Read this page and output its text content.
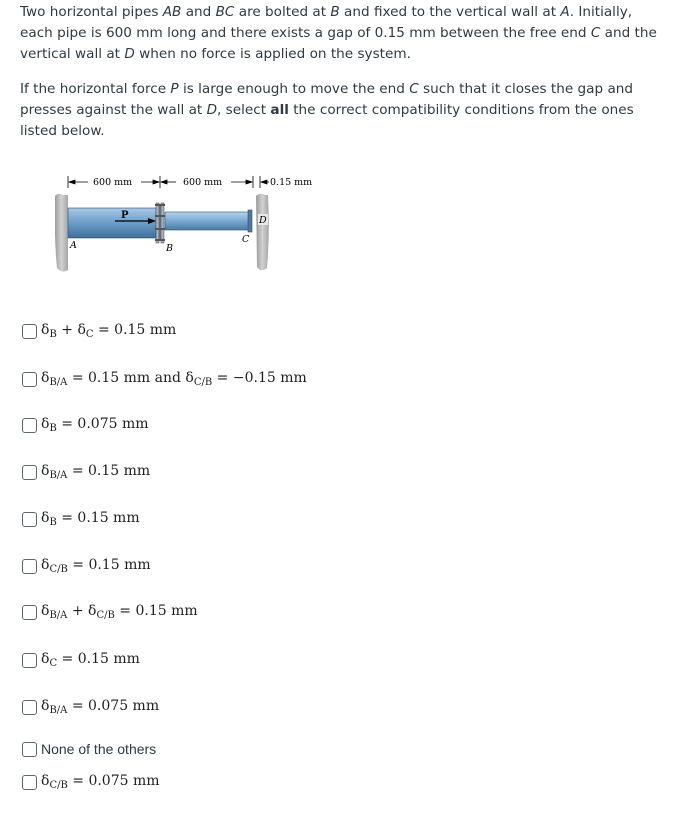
Two horizontal pipes AB and BC are bolted at B and fixed to the vertical wall at A. Initially, each pipe is 600 mm long and there exists a gap of 0.15 mm between the free end C and the vertical wall at D when no force is applied on the system.

If the horizontal force P is large enough to move the end C such that it closes the gap and presses against the wall at D, select all the correct compatibility conditions from the ones listed below.

600 mm	600 mm	0.15 mm
P
A	B
C
D
$\delta_B + \delta_C = 0.15$ mm
$\delta_{B/A} = 0.15$ mm and $\delta_{C/B} = -0.15$ mm
$\delta_B = 0.075$ mm
$\delta_{B/A} = 0.15$ mm
$\delta_B = 0.15$ mm
$\delta_{C/B} = 0.15$ mm
$\delta_{B/A} + \delta_{C/B} = 0.15$ mm
$\delta_C = 0.15$ mm
$\delta_{B/A} = 0.075$ mm
None of the others
$\delta_{C/B} = 0.075$ mm
